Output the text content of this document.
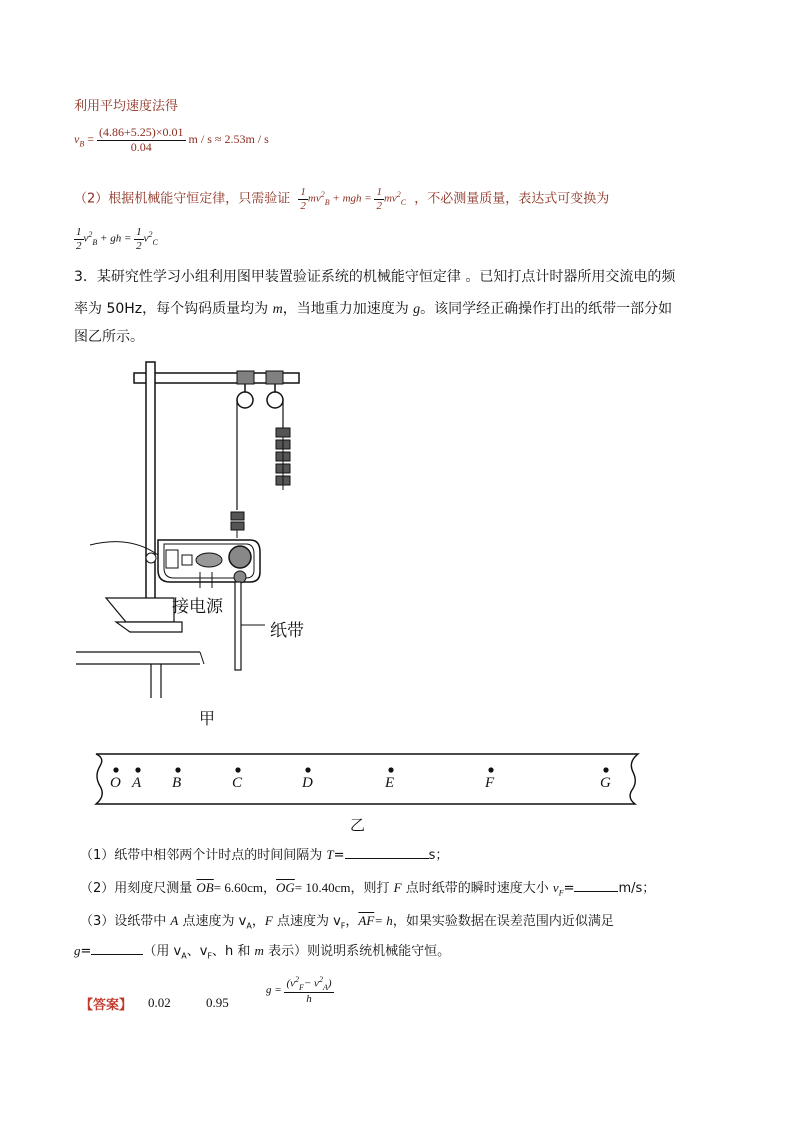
利用平均速度法得
$v_B = \frac{(4.86+5.25)\times 0.01}{0.04}$ m / s ≈ 2.53m / s
（2）根据机械能守恒定律，只需验证 $\frac{1}{2} mv^2_B$ + mgh = $\frac{1}{2} mv^2_C$ ，不必测量质量，表达式可变换为
$\frac{1}{2} v^2_B$ + gh = $\frac{1}{2} v^2_C$
3．某研究性学习小组利用图甲装置验证系统的机械能守恒定律 。已知打点计时器所用交流电的频
率为 50Hz，每个钩码质量均为 m，当地重力加速度为 g。该同学经正确操作打出的纸带一部分如
图乙所示。
接电源
纸带
甲
O A B	C	D	E	F	G
乙
（1）纸带中相邻两个计时点的时间间隔为 T=	s；
（2）用刻度尺测量 $\overline{OB}= 6.60cm$，$\overline{OG}= 10.40cm$，则打 F 点时纸带的瞬时速度大小 $v_F=$	m/s；
（3）设纸带中 A 点速度为 $v_A$，F 点速度为 $v_F$，$\overline{AF}= h$，如果实验数据在误差范围内近似满足
g=	（用 $v_A$、$v_F$、h 和 m 表示）则说明系统机械能守恒。
【答案】 0.02	0.95
$g = \frac{(v^2_F- v^2_A)}{h}$
